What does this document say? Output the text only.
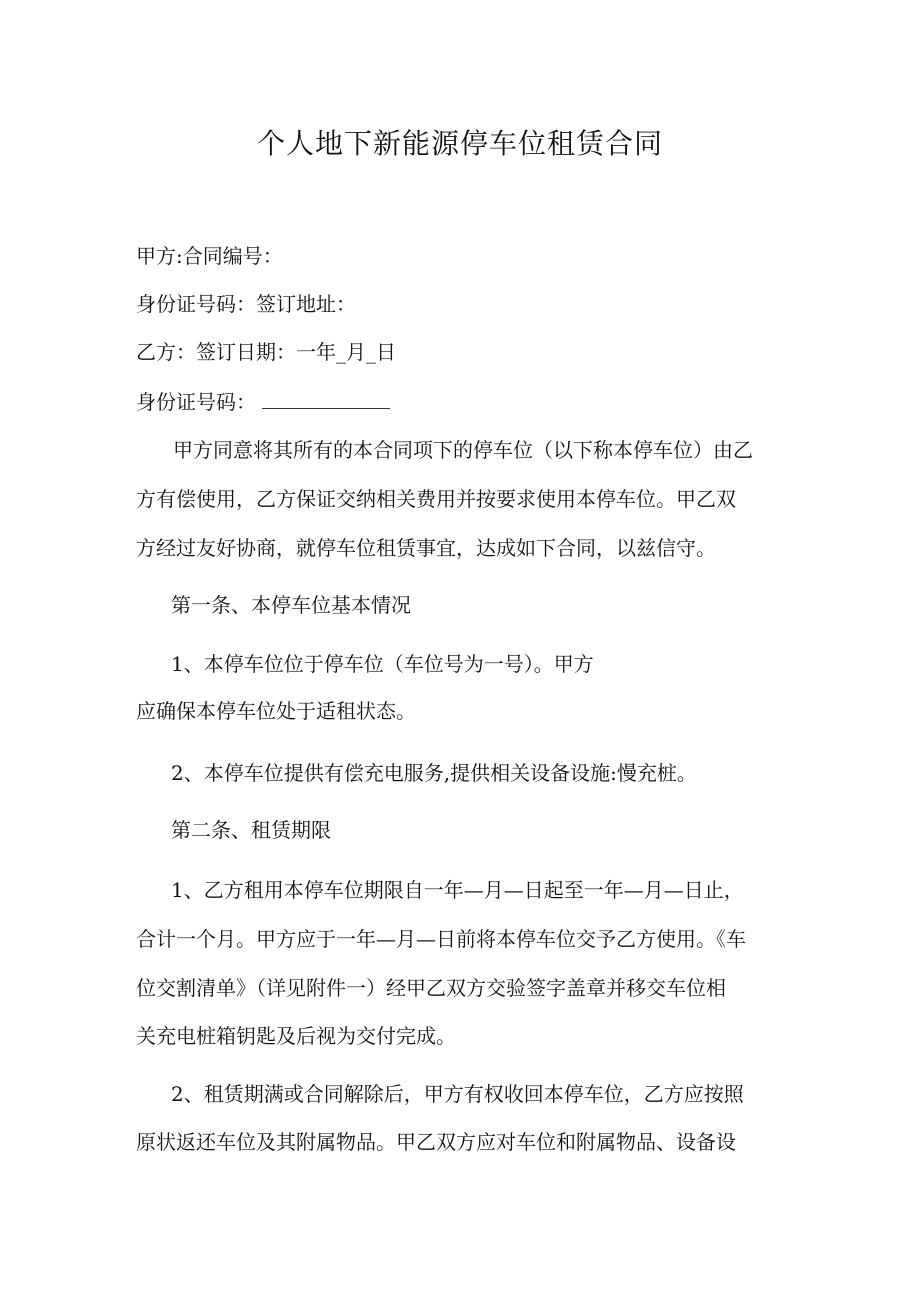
个人地下新能源停车位租赁合同
甲方:合同编号：
身份证号码：签订地址：
乙方：签订日期：一年_月_日
身份证号码：
甲方同意将其所有的本合同项下的停车位（以下称本停车位）由乙
方有偿使用，乙方保证交纳相关费用并按要求使用本停车位。甲乙双
方经过友好协商，就停车位租赁事宜，达成如下合同，以兹信守。
第一条、本停车位基本情况
1、本停车位位于停车位（车位号为一号）。甲方
应确保本停车位处于适租状态。
2、本停车位提供有偿充电服务,提供相关设备设施:慢充桩。
第二条、租赁期限
1、乙方租用本停车位期限自一年—月—日起至一年—月—日止，
合计一个月。甲方应于一年—月—日前将本停车位交予乙方使用。《车
位交割清单》（详见附件一）经甲乙双方交验签字盖章并移交车位相
关充电桩箱钥匙及后视为交付完成。
2、租赁期满或合同解除后，甲方有权收回本停车位，乙方应按照
原状返还车位及其附属物品。甲乙双方应对车位和附属物品、设备设
